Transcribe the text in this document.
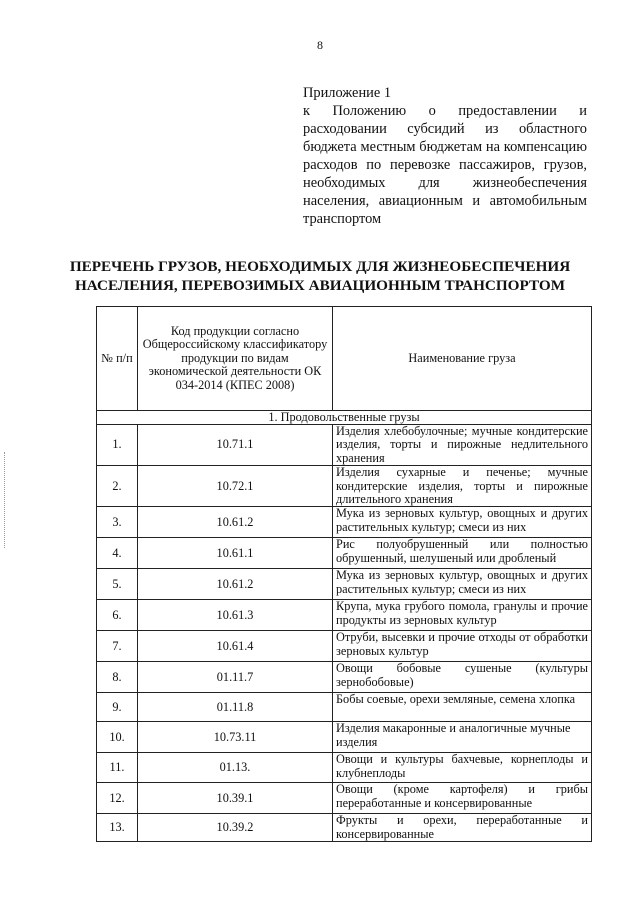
8
Приложение 1
к Положению о предоставлении и расходовании субсидий из областного бюджета местным бюджетам на компенсацию расходов по перевозке пассажиров, грузов, необходимых для жизнеобеспечения населения, авиационным и автомобильным транспортом
ПЕРЕЧЕНЬ ГРУЗОВ, НЕОБХОДИМЫХ ДЛЯ ЖИЗНЕОБЕСПЕЧЕНИЯ
НАСЕЛЕНИЯ, ПЕРЕВОЗИМЫХ АВИАЦИОННЫМ ТРАНСПОРТОМ
№ п/п	Код продукции согласно Общероссийскому классификатору продукции по видам экономической деятельности ОК 034-2014 (КПЕС 2008)	Наименование груза
1. Продовольственные грузы		
1.	10.71.1	Изделия хлебобулочные; мучные кондитерские изделия, торты и пирожные недлительного хранения
2.	10.72.1	Изделия сухарные и печенье; мучные кондитерские изделия, торты и пирожные длительного хранения
3.	10.61.2	Мука из зерновых культур, овощных и других растительных культур; смеси из них
4.	10.61.1	Рис полуобрушенный или полностью обрушенный, шелушеный или дробленый
5.	10.61.2	Мука из зерновых культур, овощных и других растительных культур; смеси из них
6.	10.61.3	Крупа, мука грубого помола, гранулы и прочие продукты из зерновых культур
7.	10.61.4	Отруби, высевки и прочие отходы от обработки зерновых культур
8.	01.11.7	Овощи бобовые сушеные (культуры зернобобовые)
9.	01.11.8	Бобы соевые, орехи земляные, семена хлопка
10.	10.73.11	Изделия макаронные и аналогичные мучные изделия
11.	01.13.	Овощи и культуры бахчевые, корнеплоды и клубнеплоды
12.	10.39.1	Овощи (кроме картофеля) и грибы переработанные и консервированные
13.	10.39.2	Фрукты и орехи, переработанные и консервированные
